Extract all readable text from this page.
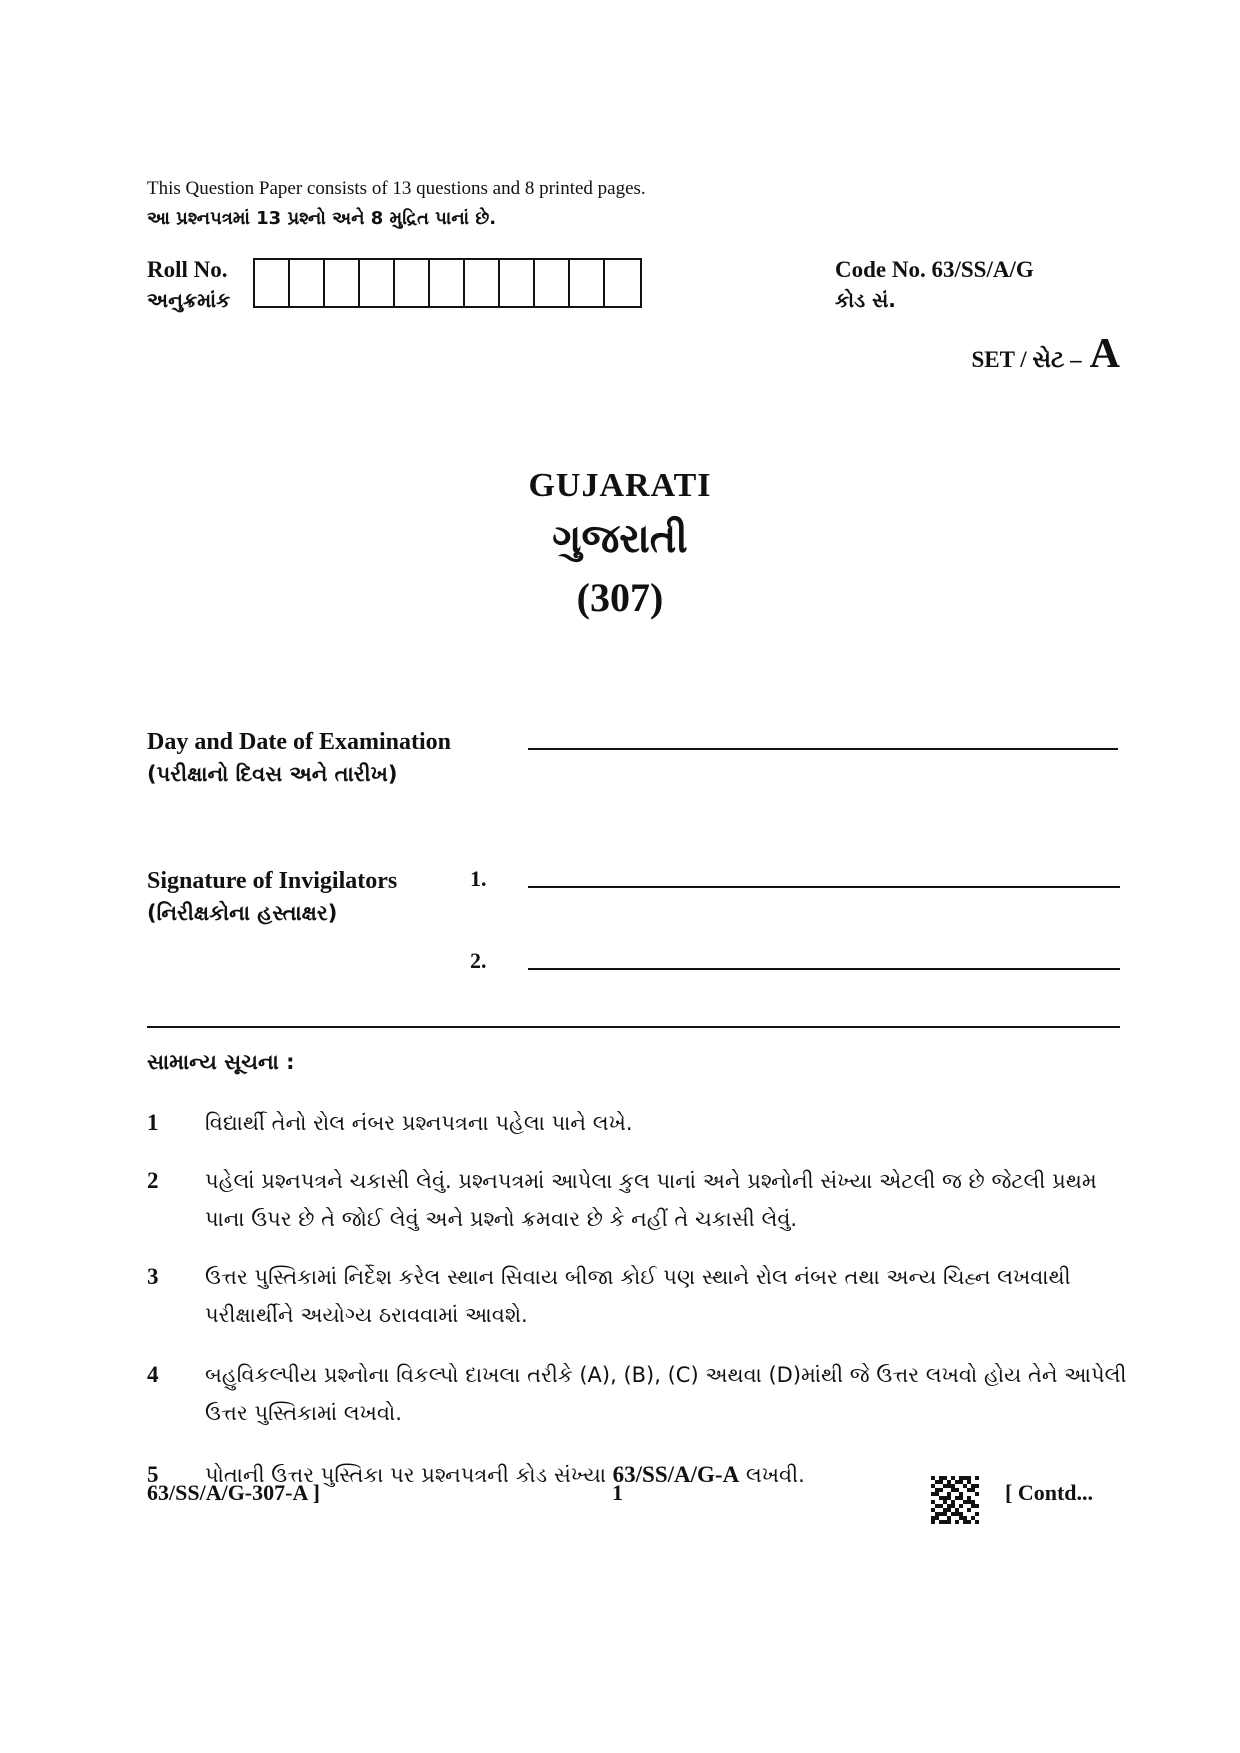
This Question Paper consists of 13 questions and 8 printed pages.
આ પ્રશ્નપત્રમાં 13 પ્રશ્નો અને 8 મુદ્રિત પાનાં છે.
Roll No.
અનુક્રમાંક
Code No. 63/SS/A/G
કોડ સં.
SET / સેટ – A
GUJARATI
ગુજરાતી
(307)
Day and Date of Examination
(પરીક્ષાનો દિવસ અને તારીખ)
Signature of Invigilators
(નિરીક્ષકોના હસ્તાક્ષર)
1.
2.
સામાન્ય સૂચના :
1	વિદ્યાર્થી તેનો રોલ નંબર પ્રશ્નપત્રના પહેલા પાને લખે.
2	પહેલાં પ્રશ્નપત્રને ચકાસી લેવું. પ્રશ્નપત્રમાં આપેલા કુલ પાનાં અને પ્રશ્નોની સંખ્યા એટલી જ છે જેટલી પ્રથમ પાના ઉપર છે તે જોઈ લેવું અને પ્રશ્નો ક્રમવાર છે કે નહીં તે ચકાસી લેવું.
3	ઉત્તર પુસ્તિકામાં નિર્દેશ કરેલ સ્થાન સિવાય બીજા કોઈ પણ સ્થાને રોલ નંબર તથા અન્ય ચિહ્ન લખવાથી પરીક્ષાર્થીને અયોગ્ય ઠરાવવામાં આવશે.
4	બહુવિકલ્પીય પ્રશ્નોના વિકલ્પો દાખલા તરીકે (A), (B), (C) અથવા (D)માંથી જે ઉત્તર લખવો હોય તેને આપેલી ઉત્તર પુસ્તિકામાં લખવો.
5	પોતાની ઉત્તર પુસ્તિકા પર પ્રશ્નપત્રની કોડ સંખ્યા 63/SS/A/G-A લખવી.
63/SS/A/G-307-A ]	1	[ Contd...
